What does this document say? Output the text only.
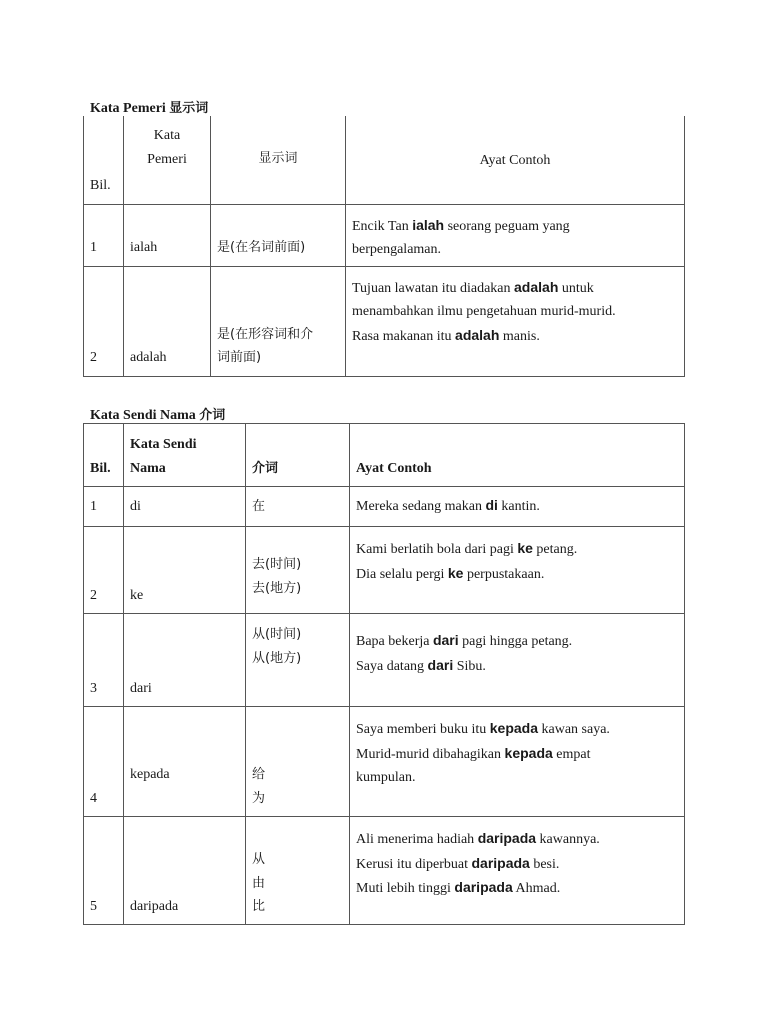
Kata Pemeri 显示词
Bil.	Kata
Pemeri	显示词	Ayat Contoh
1	ialah	是(在名词前面)	Encik Tan ialah seorang peguam yang
berpengalaman.

2	adalah	是(在形容词和介
词前面)	Tujuan lawatan itu diadakan adalah untuk
menambahkan ilmu pengetahuan murid-murid.
Rasa makanan itu adalah manis.
Kata Sendi Nama 介词
Bil.	Kata Sendi
Nama	介词	Ayat Contoh
1	di	在	Mereka sedang makan di kantin.
2	ke	去(时间)
去(地方)	Kami berlatih bola dari pagi ke petang.
Dia selalu pergi ke perpustakaan.

3	dari	从(时间)
从(地方)	Bapa bekerja dari pagi hingga petang.
Saya datang dari Sibu.

4	kepada	给
为	Saya memberi buku itu kepada kawan saya.
Murid-murid dibahagikan kepada empat
kumpulan.

5	daripada	从
由
比	Ali menerima hadiah daripada kawannya.
Kerusi itu diperbuat daripada besi.
Muti lebih tinggi daripada Ahmad.
